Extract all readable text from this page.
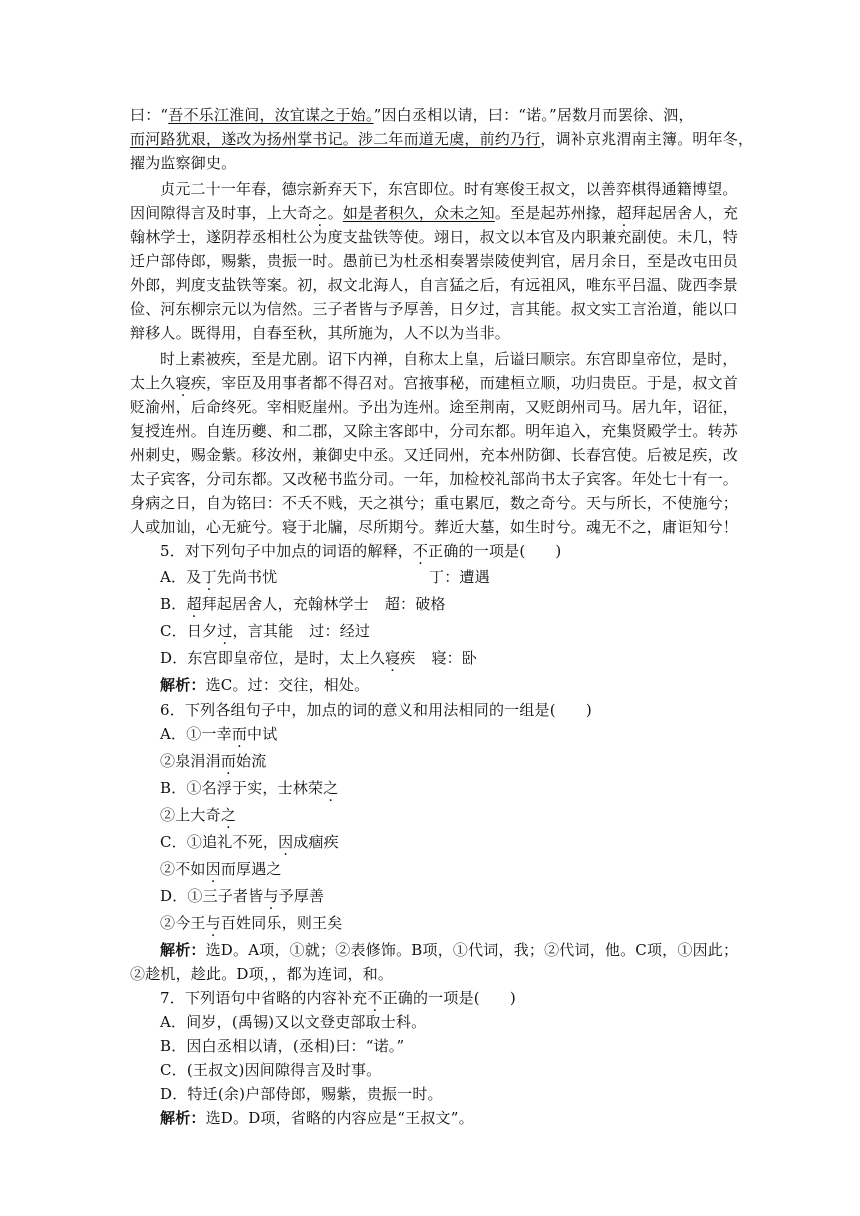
曰：“吾不乐江淮间，汝宜谋之于始。”因白丞相以请，曰：“诺。”居数月而罢徐、泗，
而河路犹艰，遂改为扬州掌书记。涉二年而道无虞，前约乃行，调补京兆渭南主簿。明年冬，
擢为监察御史。
贞元二十一年春，德宗新弃天下，东宫即位。时有寒俊王叔文，以善弈棋得通籍博望。
因间隙得言及时事，上大奇之。如是者积久，众未之知。至是起苏州掾，超拜起居舍人，充
翰林学士，遂阴荐丞相杜公为度支盐铁等使。翊日，叔文以本官及内职兼充副使。未几，特
迁户部侍郎，赐紫，贵振一时。愚前已为杜丞相奏署崇陵使判官，居月余日，至是改屯田员
外郎，判度支盐铁等案。初，叔文北海人，自言猛之后，有远祖风，唯东平吕温、陇西李景
俭、河东柳宗元以为信然。三子者皆与予厚善，日夕过，言其能。叔文实工言治道，能以口
辩移人。既得用，自春至秋，其所施为，人不以为当非。
时上素被疾，至是尤剧。诏下内禅，自称太上皇，后谥曰顺宗。东宫即皇帝位，是时，
太上久寝疾，宰臣及用事者都不得召对。宫掖事秘，而建桓立顺，功归贵臣。于是，叔文首
贬渝州，后命终死。宰相贬崖州。予出为连州。途至荆南，又贬朗州司马。居九年，诏征，
复授连州。自连历夔、和二郡，又除主客郎中，分司东都。明年追入，充集贤殿学士。转苏
州刺史，赐金紫。移汝州，兼御史中丞。又迁同州，充本州防御、长春宫使。后被足疾，改
太子宾客，分司东都。又改秘书监分司。一年，加检校礼部尚书太子宾客。年处七十有一。
身病之日，自为铭曰：不夭不贱，天之祺兮；重屯累厄，数之奇兮。天与所长，不使施兮；
人或加讪，心无疵兮。寝于北牖，尽所期兮。葬近大墓，如生时兮。魂无不之，庸讵知兮！
5．对下列句子中加点的词语的解释，不正确的一项是( )
A．及丁先尚书忧	丁：遭遇
B．超拜起居舍人，充翰林学士 超：破格
C．日夕过，言其能 过：经过
D．东宫即皇帝位，是时，太上久寝疾 寝：卧
解析：选C。过：交往，相处。
6．下列各组句子中，加点的词的意义和用法相同的一组是( )
A．①一幸而中试
②泉涓涓而始流
B．①名浮于实，士林荣之
②上大奇之
C．①追礼不死，因成痼疾
②不如因而厚遇之
D．①三子者皆与予厚善
②今王与百姓同乐，则王矣
解析：选D。A项，①就；②表修饰。B项，①代词，我；②代词，他。C项，①因此；
②趁机，趁此。D项，，都为连词，和。
7．下列语句中省略的内容补充不正确的一项是( )
A．间岁，(禹锡)又以文登吏部取士科。
B．因白丞相以请，(丞相)曰：“诺。”
C．(王叔文)因间隙得言及时事。
D．特迁(余)户部侍郎，赐紫，贵振一时。
解析：选D。D项，省略的内容应是“王叔文”。
